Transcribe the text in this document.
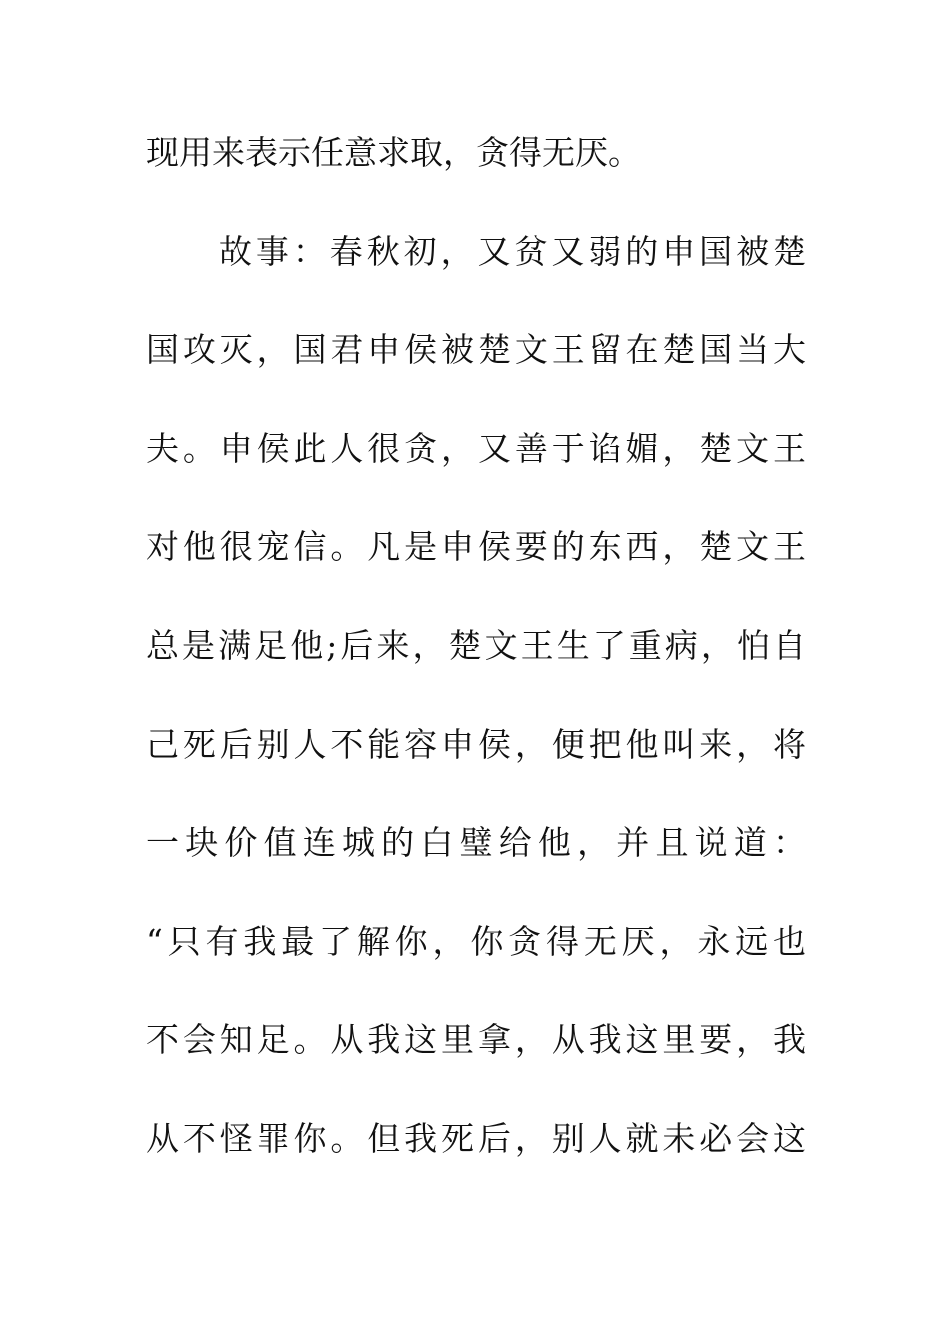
现用来表示任意求取，贪得无厌。
故事：春秋初，又贫又弱的申国被楚
国攻灭，国君申侯被楚文王留在楚国当大
夫。申侯此人很贪，又善于谄媚，楚文王
对他很宠信。凡是申侯要的东西，楚文王
总是满足他;后来，楚文王生了重病，怕自
己死后别人不能容申侯，便把他叫来，将
一块价值连城的白璧给他，并且说道：
“只有我最了解你，你贪得无厌，永远也
不会知足。从我这里拿，从我这里要，我
从不怪罪你。但我死后，别人就未必会这
